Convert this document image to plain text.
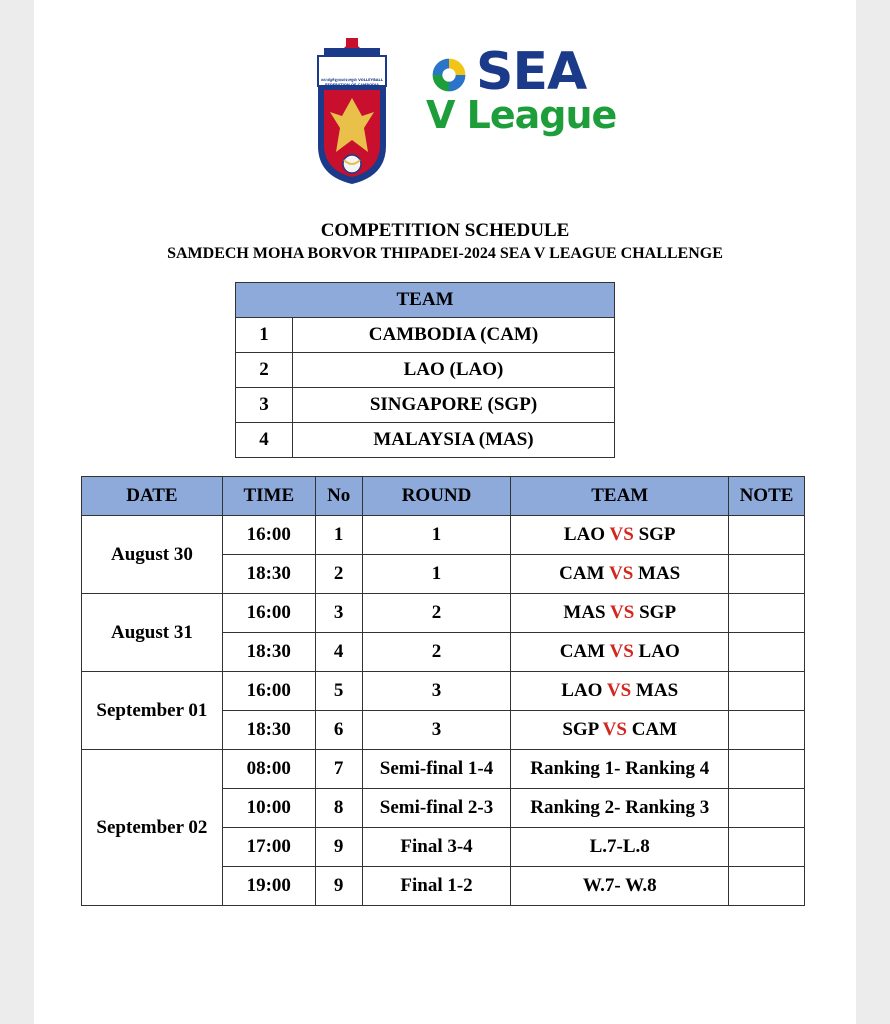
សហព័ន្ធកីឡាបាល់ទះកម្ពុជា VOLLEYBALL FEDERATION OF CAMBODIA SEA
V League
COMPETITION SCHEDULE
SAMDECH MOHA BORVOR THIPADEI-2024 SEA V LEAGUE CHALLENGE
TEAM	
1	CAMBODIA (CAM)
2	LAO (LAO)
3	SINGAPORE (SGP)
4	MALAYSIA (MAS)
DATE	TIME	No	ROUND	TEAM	NOTE
August 30	16:00	1	1	LAO VS SGP	
	18:30	2	1	CAM VS MAS	
August 31	16:00	3	2	MAS VS SGP	
	18:30	4	2	CAM VS LAO	
September 01	16:00	5	3	LAO VS MAS	
	18:30	6	3	SGP VS CAM	
September 02	08:00	7	Semi-final 1-4	Ranking 1- Ranking 4	
	10:00	8	Semi-final 2-3	Ranking 2- Ranking 3	
	17:00	9	Final 3-4	L.7-L.8	
	19:00	9	Final 1-2	W.7- W.8	
